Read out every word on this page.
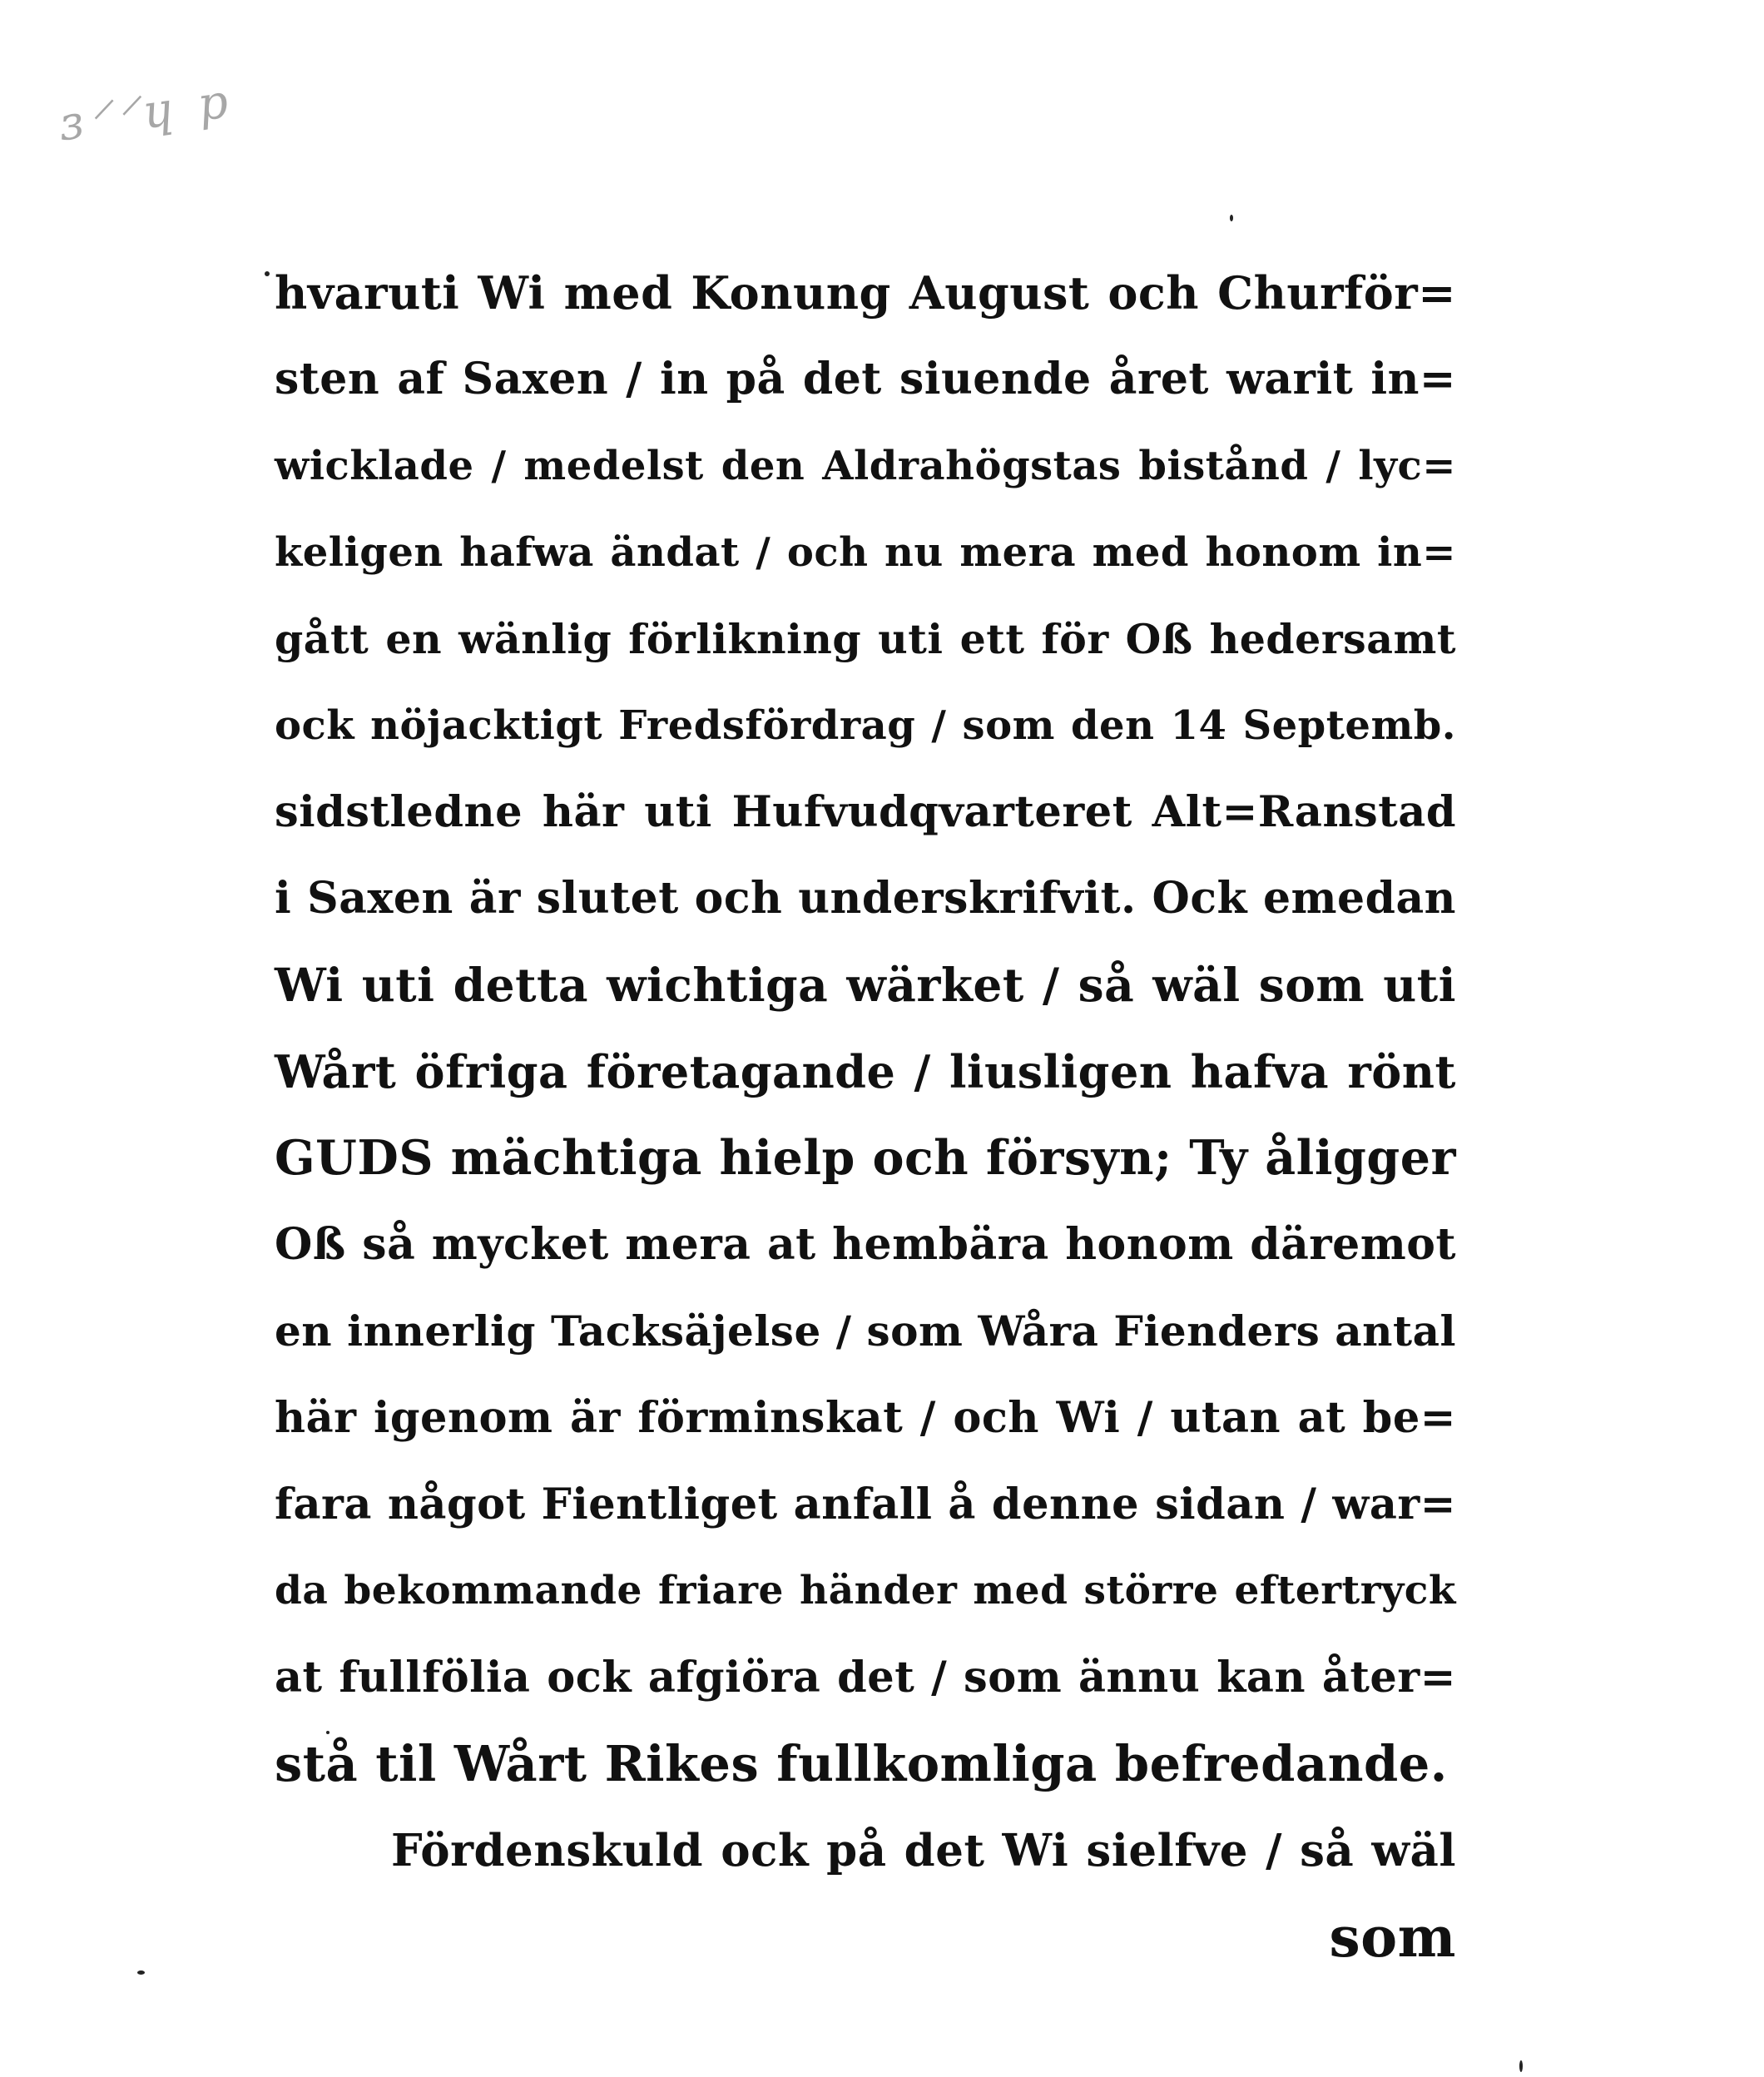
ɜ⸍⸍ɥ p
hvaruti Wi med Konung August och Churför=
sten af Saxen / in på det siuende året warit in=
wicklade / medelst den Aldrahögstas bistånd / lyc=
keligen hafwa ändat / och nu mera med honom in=
gått en wänlig förlikning uti ett för Oß hedersamt
ock nöjacktigt Fredsfördrag / som den 14 Septemb.
sidstledne här uti Hufvudqvarteret Alt=Ranstad
i Saxen är slutet och underskrifvit. Ock emedan
Wi uti detta wichtiga wärket / så wäl som uti
Wårt öfriga företagande / liusligen hafva rönt
GUDS mächtiga hielp och försyn; Ty åligger
Oß så mycket mera at hembära honom däremot
en innerlig Tacksäjelse / som Wåra Fienders antal
här igenom är förminskat / och Wi / utan at be=
fara något Fientliget anfall å denne sidan / war=
da bekommande friare händer med större eftertryck
at fullfölia ock afgiöra det / som ännu kan åter=
stå til Wårt Rikes fullkomliga befredande.
Fördenskuld ock på det Wi sielfve / så wäl
som
